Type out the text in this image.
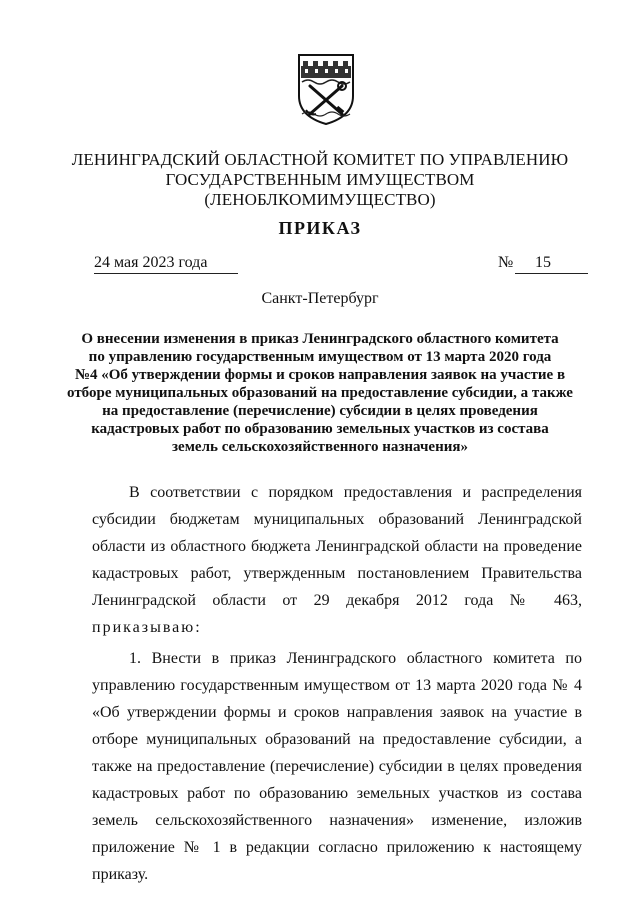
ЛЕНИНГРАДСКИЙ ОБЛАСТНОЙ КОМИТЕТ ПО УПРАВЛЕНИЮ
ГОСУДАРСТВЕННЫМ ИМУЩЕСТВОМ
(ЛЕНОБЛКОМИМУЩЕСТВО)
ПРИКАЗ
24 мая 2023 года	№	15
Санкт-Петербург
О внесении изменения в приказ Ленинградского областного комитета
по управлению государственным имуществом от 13 марта 2020 года
№4 «Об утверждении формы и сроков направления заявок на участие в
отборе муниципальных образований на предоставление субсидии, а также
на предоставление (перечисление) субсидии в целях проведения
кадастровых работ по образованию земельных участков из состава
земель сельскохозяйственного назначения»

В соответствии с порядком предоставления и распределения субсидии бюджетам муниципальных образований Ленинградской области из областного бюджета Ленинградской области на проведение кадастровых работ, утвержденным постановлением Правительства Ленинградской области от 29 декабря 2012 года № 463, приказываю:

1. Внести в приказ Ленинградского областного комитета по управлению государственным имуществом от 13 марта 2020 года № 4 «Об утверждении формы и сроков направления заявок на участие в отборе муниципальных образований на предоставление субсидии, а также на предоставление (перечисление) субсидии в целях проведения кадастровых работ по образованию земельных участков из состава земель сельскохозяйственного назначения» изменение, изложив приложение № 1 в редакции согласно приложению к настоящему приказу.
